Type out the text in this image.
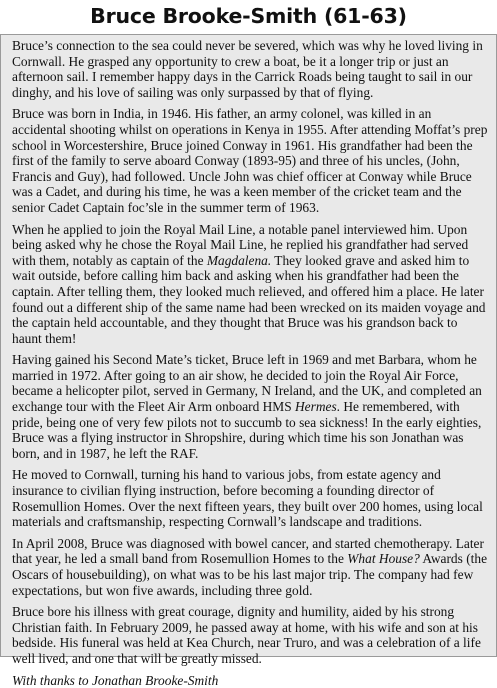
Bruce Brooke-Smith (61-63)

Bruce’s connection to the sea could never be severed, which was why he loved living in Cornwall. He grasped any opportunity to crew a boat, be it a longer trip or just an afternoon sail. I remember happy days in the Carrick Roads being taught to sail in our dinghy, and his love of sailing was only surpassed by that of flying.

Bruce was born in India, in 1946. His father, an army colonel, was killed in an accidental shooting whilst on operations in Kenya in 1955. After attending Moffat’s prep school in Worcestershire, Bruce joined Conway in 1961. His grandfather had been the first of the family to serve aboard Conway (1893-95) and three of his uncles, (John, Francis and Guy), had followed. Uncle John was chief officer at Conway while Bruce was a Cadet, and during his time, he was a keen member of the cricket team and the senior Cadet Captain foc’sle in the summer term of 1963.

When he applied to join the Royal Mail Line, a notable panel interviewed him. Upon being asked why he chose the Royal Mail Line, he replied his grandfather had served with them, notably as captain of the Magdalena. They looked grave and asked him to wait outside, before calling him back and asking when his grandfather had been the captain. After telling them, they looked much relieved, and offered him a place. He later found out a different ship of the same name had been wrecked on its maiden voyage and the captain held accountable, and they thought that Bruce was his grandson back to haunt them!

Having gained his Second Mate’s ticket, Bruce left in 1969 and met Barbara, whom he married in 1972. After going to an air show, he decided to join the Royal Air Force, became a helicopter pilot, served in Germany, N Ireland, and the UK, and completed an exchange tour with the Fleet Air Arm onboard HMS Hermes. He remembered, with pride, being one of very few pilots not to succumb to sea sickness! In the early eighties, Bruce was a flying instructor in Shropshire, during which time his son Jonathan was born, and in 1987, he left the RAF.

He moved to Cornwall, turning his hand to various jobs, from estate agency and insurance to civilian flying instruction, before becoming a founding director of Rosemullion Homes. Over the next fifteen years, they built over 200 homes, using local materials and craftsmanship, respecting Cornwall’s landscape and traditions.

In April 2008, Bruce was diagnosed with bowel cancer, and started chemotherapy. Later that year, he led a small band from Rosemullion Homes to the What House? Awards (the Oscars of housebuilding), on what was to be his last major trip. The company had few expectations, but won five awards, including three gold.

Bruce bore his illness with great courage, dignity and humility, aided by his strong Christian faith. In February 2009, he passed away at home, with his wife and son at his bedside. His funeral was held at Kea Church, near Truro, and was a celebration of a life well lived, and one that will be greatly missed.

With thanks to Jonathan Brooke-Smith
